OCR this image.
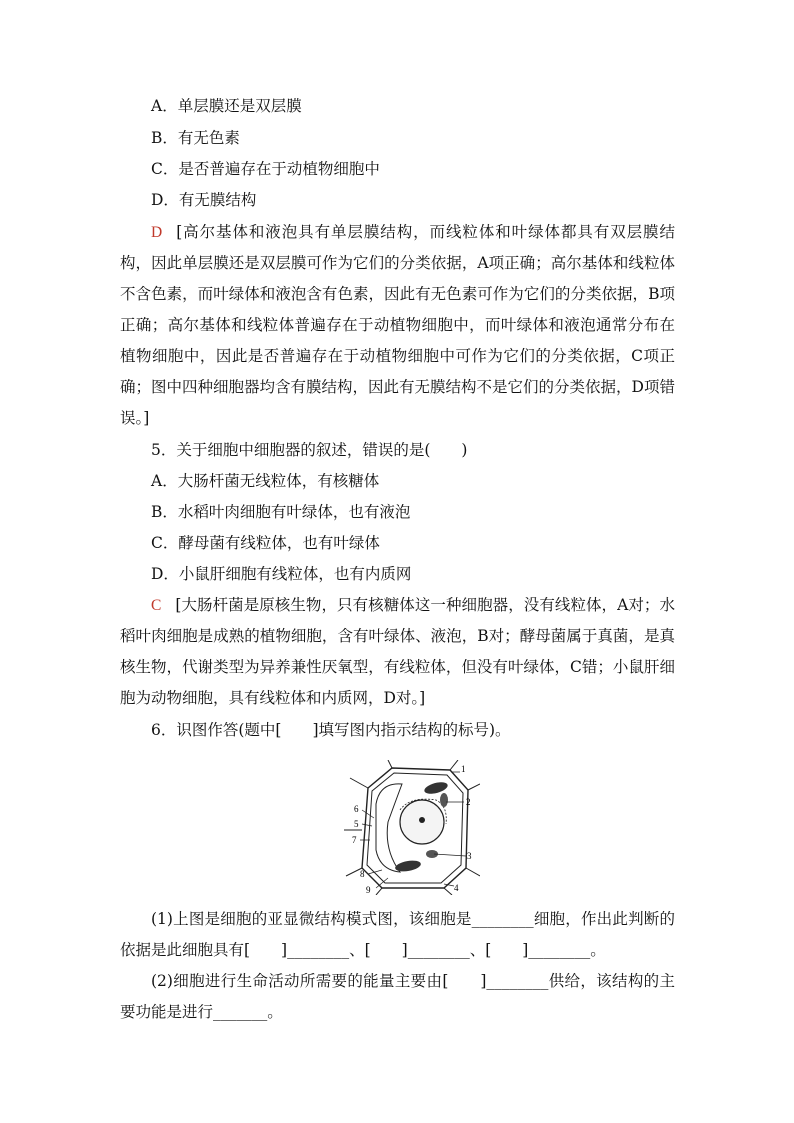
A．单层膜还是双层膜
B．有无色素
C．是否普遍存在于动植物细胞中
D．有无膜结构
D [高尔基体和液泡具有单层膜结构，而线粒体和叶绿体都具有双层膜结构，因此单层膜还是双层膜可作为它们的分类依据，A项正确；高尔基体和线粒体不含色素，而叶绿体和液泡含有色素，因此有无色素可作为它们的分类依据，B项正确；高尔基体和线粒体普遍存在于动植物细胞中，而叶绿体和液泡通常分布在植物细胞中，因此是否普遍存在于动植物细胞中可作为它们的分类依据，C项正确；图中四种细胞器均含有膜结构，因此有无膜结构不是它们的分类依据，D项错误。]
5．关于细胞中细胞器的叙述，错误的是(　　)
A．大肠杆菌无线粒体，有核糖体
B．水稻叶肉细胞有叶绿体，也有液泡
C．酵母菌有线粒体，也有叶绿体
D．小鼠肝细胞有线粒体，也有内质网
C [大肠杆菌是原核生物，只有核糖体这一种细胞器，没有线粒体，A对；水稻叶肉细胞是成熟的植物细胞，含有叶绿体、液泡，B对；酵母菌属于真菌，是真核生物，代谢类型为异养兼性厌氧型，有线粒体，但没有叶绿体，C错；小鼠肝细胞为动物细胞，具有线粒体和内质网，D对。]
6．识图作答(题中[　　]填写图内指示结构的标号)。
1
2
3
4
5
6
7
8
9
(1)上图是细胞的亚显微结构模式图，该细胞是________细胞，作出此判断的依据是此细胞具有[　　]________、[　　]________、[　　]________。
(2)细胞进行生命活动所需要的能量主要由[　　]________供给，该结构的主要功能是进行_______。
